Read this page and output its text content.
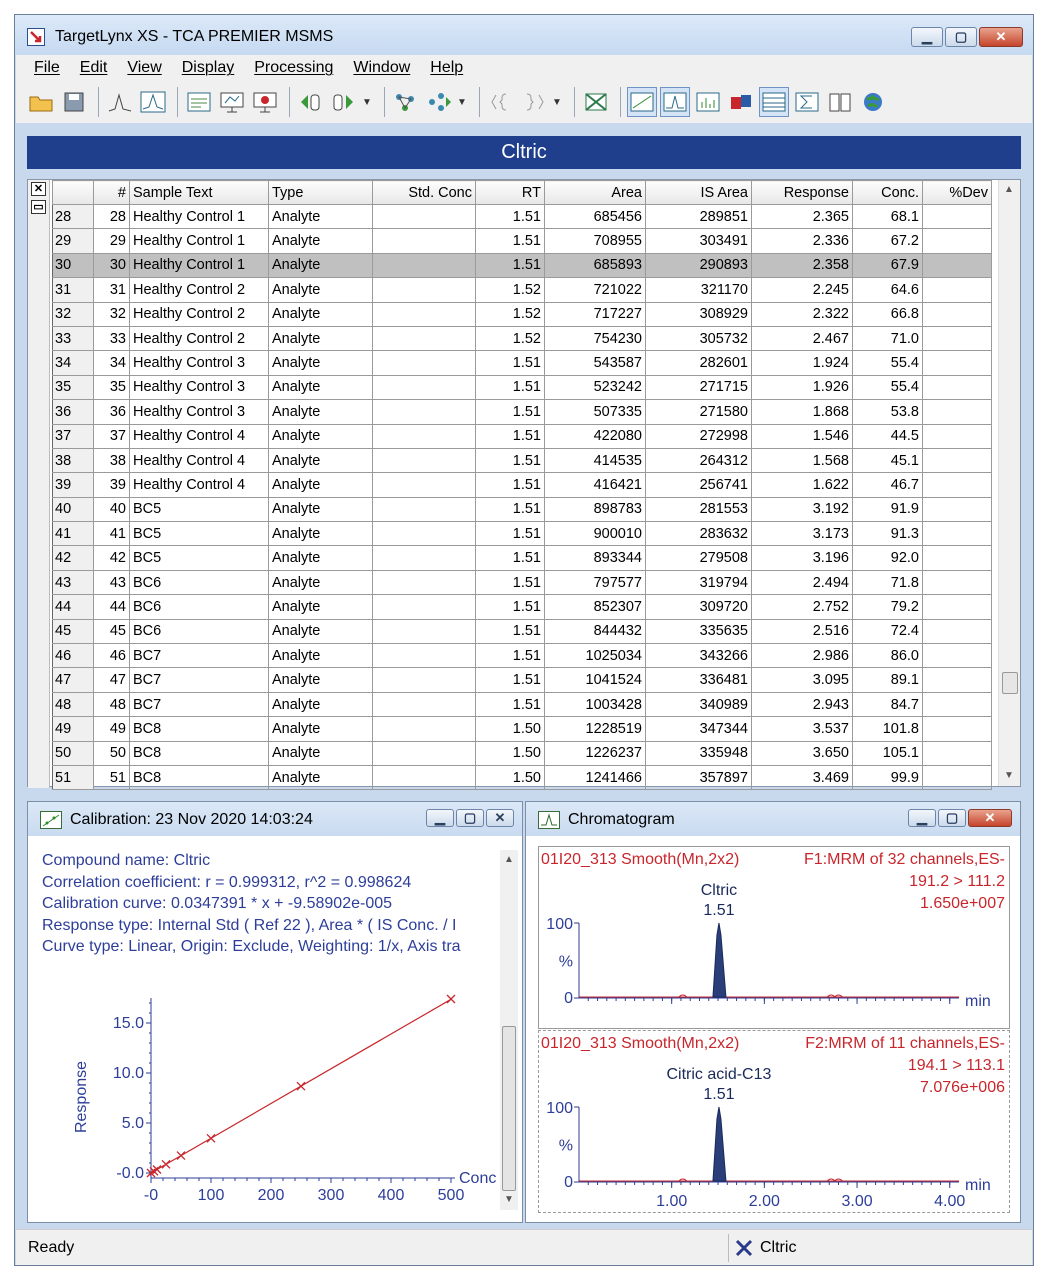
TargetLynx XS - TCA PREMIER MSMS	▁	▢	✕
File Edit View Display Processing Window Help
▼	▼	▼
Cltric
✕
▭
	#	Sample Text	Type	Std. Conc	RT	Area	IS Area	Response	Conc.	%Dev
28	28	Healthy Control 1	Analyte		1.51	685456	289851	2.365	68.1	
29	29	Healthy Control 1	Analyte		1.51	708955	303491	2.336	67.2	
30	30	Healthy Control 1	Analyte		1.51	685893	290893	2.358	67.9	
31	31	Healthy Control 2	Analyte		1.52	721022	321170	2.245	64.6	
32	32	Healthy Control 2	Analyte		1.52	717227	308929	2.322	66.8	
33	33	Healthy Control 2	Analyte		1.52	754230	305732	2.467	71.0	
34	34	Healthy Control 3	Analyte		1.51	543587	282601	1.924	55.4	
35	35	Healthy Control 3	Analyte		1.51	523242	271715	1.926	55.4	
36	36	Healthy Control 3	Analyte		1.51	507335	271580	1.868	53.8	
37	37	Healthy Control 4	Analyte		1.51	422080	272998	1.546	44.5	
38	38	Healthy Control 4	Analyte		1.51	414535	264312	1.568	45.1	
39	39	Healthy Control 4	Analyte		1.51	416421	256741	1.622	46.7	
40	40	BC5	Analyte		1.51	898783	281553	3.192	91.9	
41	41	BC5	Analyte		1.51	900010	283632	3.173	91.3	
42	42	BC5	Analyte		1.51	893344	279508	3.196	92.0	
43	43	BC6	Analyte		1.51	797577	319794	2.494	71.8	
44	44	BC6	Analyte		1.51	852307	309720	2.752	79.2	
45	45	BC6	Analyte		1.51	844432	335635	2.516	72.4	
46	46	BC7	Analyte		1.51	1025034	343266	2.986	86.0	
47	47	BC7	Analyte		1.51	1041524	336481	3.095	89.1	
48	48	BC7	Analyte		1.51	1003428	340989	2.943	84.7	
49	49	BC8	Analyte		1.50	1228519	347344	3.537	101.8	
50	50	BC8	Analyte		1.50	1226237	335948	3.650	105.1	
51	51	BC8	Analyte		1.50	1241466	357897	3.469	99.9	
▲
▼
Calibration: 23 Nov 2020 14:03:24	▁	▢	✕
Compound name: Cltric
Correlation coefficient: r = 0.999312, r^2 = 0.998624
Calibration curve: 0.0347391 * x + -9.58902e-005
Response type: Internal Std ( Ref 22 ), Area * ( IS Conc. / I
Curve type: Linear, Origin: Exclude, Weighting: 1/x, Axis tra
-0.0
5.0
10.0
15.0
-0 100 200 300 400 500
Conc
Response
▲
▼
Chromatogram	▁	▢	✕
01I20_313 Smooth(Mn,2x2)	F1:MRM of 32 channels,ES-
191.2 > 111.2
1.650e+007
100
%
0	min
Cltric
1.51
01I20_313 Smooth(Mn,2x2)	F2:MRM of 11 channels,ES-
194.1 > 113.1
7.076e+006
100
%
0
1.00	2.00	3.00	4.00
min
Citric acid-C13
1.51
Ready	Cltric
